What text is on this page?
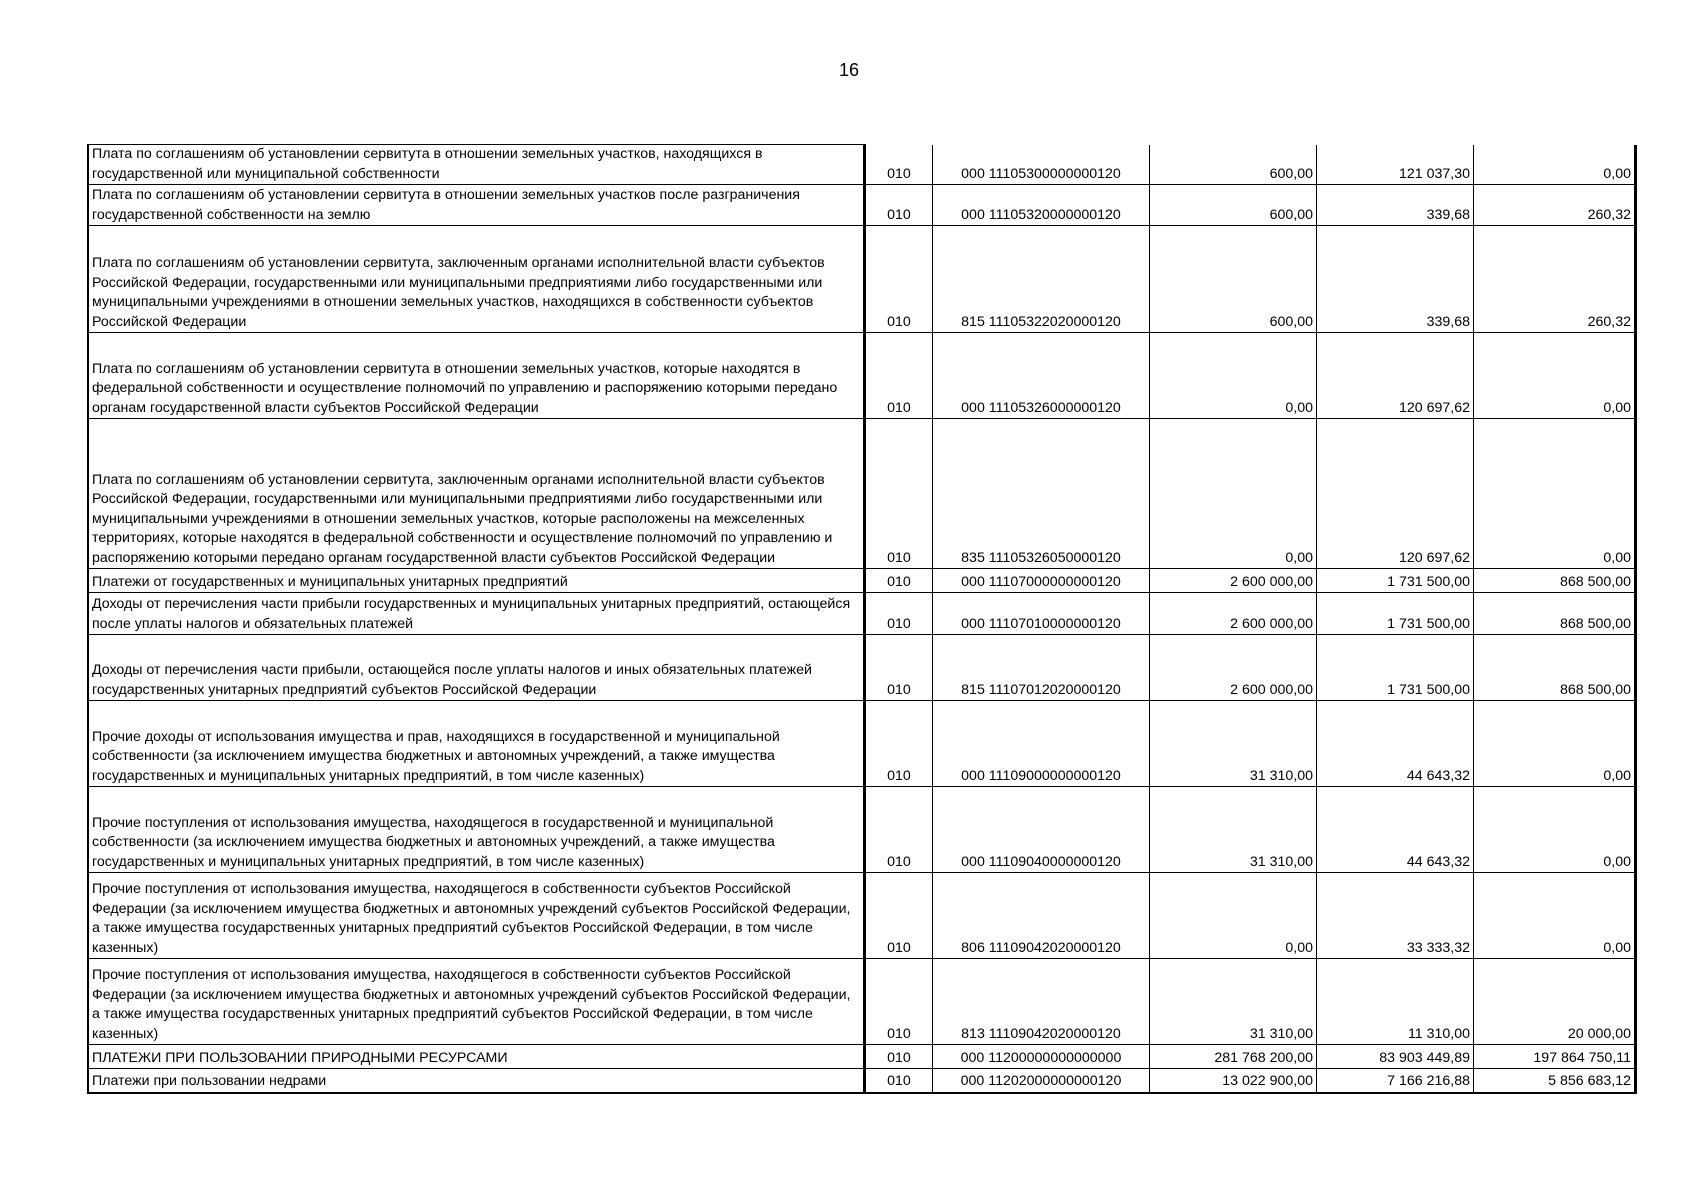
16
Плата по соглашениям об установлении сервитута в отношении земельных участков, находящихся в государственной или муниципальной собственности	010	000 11105300000000120	600,00	121 037,30	0,00
Плата по соглашениям об установлении сервитута в отношении земельных участков после разграничения государственной собственности на землю	010	000 11105320000000120	600,00	339,68	260,32
Плата по соглашениям об установлении сервитута, заключенным органами исполнительной власти субъектов Российской Федерации, государственными или муниципальными предприятиями либо государственными или муниципальными учреждениями в отношении земельных участков, находящихся в собственности субъектов Российской Федерации	010	815 11105322020000120	600,00	339,68	260,32
Плата по соглашениям об установлении сервитута в отношении земельных участков, которые находятся в федеральной собственности и осуществление полномочий по управлению и распоряжению которыми передано органам государственной власти субъектов Российской Федерации	010	000 11105326000000120	0,00	120 697,62	0,00
Плата по соглашениям об установлении сервитута, заключенным органами исполнительной власти субъектов Российской Федерации, государственными или муниципальными предприятиями либо государственными или муниципальными учреждениями в отношении земельных участков, которые расположены на межселенных территориях, которые находятся в федеральной собственности и осуществление полномочий по управлению и распоряжению которыми передано органам государственной власти субъектов Российской Федерации	010	835 11105326050000120	0,00	120 697,62	0,00
Платежи от государственных и муниципальных унитарных предприятий	010	000 11107000000000120	2 600 000,00	1 731 500,00	868 500,00
Доходы от перечисления части прибыли государственных и муниципальных унитарных предприятий, остающейся после уплаты налогов и обязательных платежей	010	000 11107010000000120	2 600 000,00	1 731 500,00	868 500,00
Доходы от перечисления части прибыли, остающейся после уплаты налогов и иных обязательных платежей государственных унитарных предприятий субъектов Российской Федерации	010	815 11107012020000120	2 600 000,00	1 731 500,00	868 500,00
Прочие доходы от использования имущества и прав, находящихся в государственной и муниципальной собственности (за исключением имущества бюджетных и автономных учреждений, а также имущества государственных и муниципальных унитарных предприятий, в том числе казенных)	010	000 11109000000000120	31 310,00	44 643,32	0,00
Прочие поступления от использования имущества, находящегося в государственной и муниципальной собственности (за исключением имущества бюджетных и автономных учреждений, а также имущества государственных и муниципальных унитарных предприятий, в том числе казенных)	010	000 11109040000000120	31 310,00	44 643,32	0,00
Прочие поступления от использования имущества, находящегося в собственности субъектов Российской Федерации (за исключением имущества бюджетных и автономных учреждений субъектов Российской Федерации, а также имущества государственных унитарных предприятий субъектов Российской Федерации, в том числе казенных)	010	806 11109042020000120	0,00	33 333,32	0,00
Прочие поступления от использования имущества, находящегося в собственности субъектов Российской Федерации (за исключением имущества бюджетных и автономных учреждений субъектов Российской Федерации, а также имущества государственных унитарных предприятий субъектов Российской Федерации, в том числе казенных)	010	813 11109042020000120	31 310,00	11 310,00	20 000,00
ПЛАТЕЖИ ПРИ ПОЛЬЗОВАНИИ ПРИРОДНЫМИ РЕСУРСАМИ	010	000 11200000000000000	281 768 200,00	83 903 449,89	197 864 750,11
Платежи при пользовании недрами	010	000 11202000000000120	13 022 900,00	7 166 216,88	5 856 683,12
